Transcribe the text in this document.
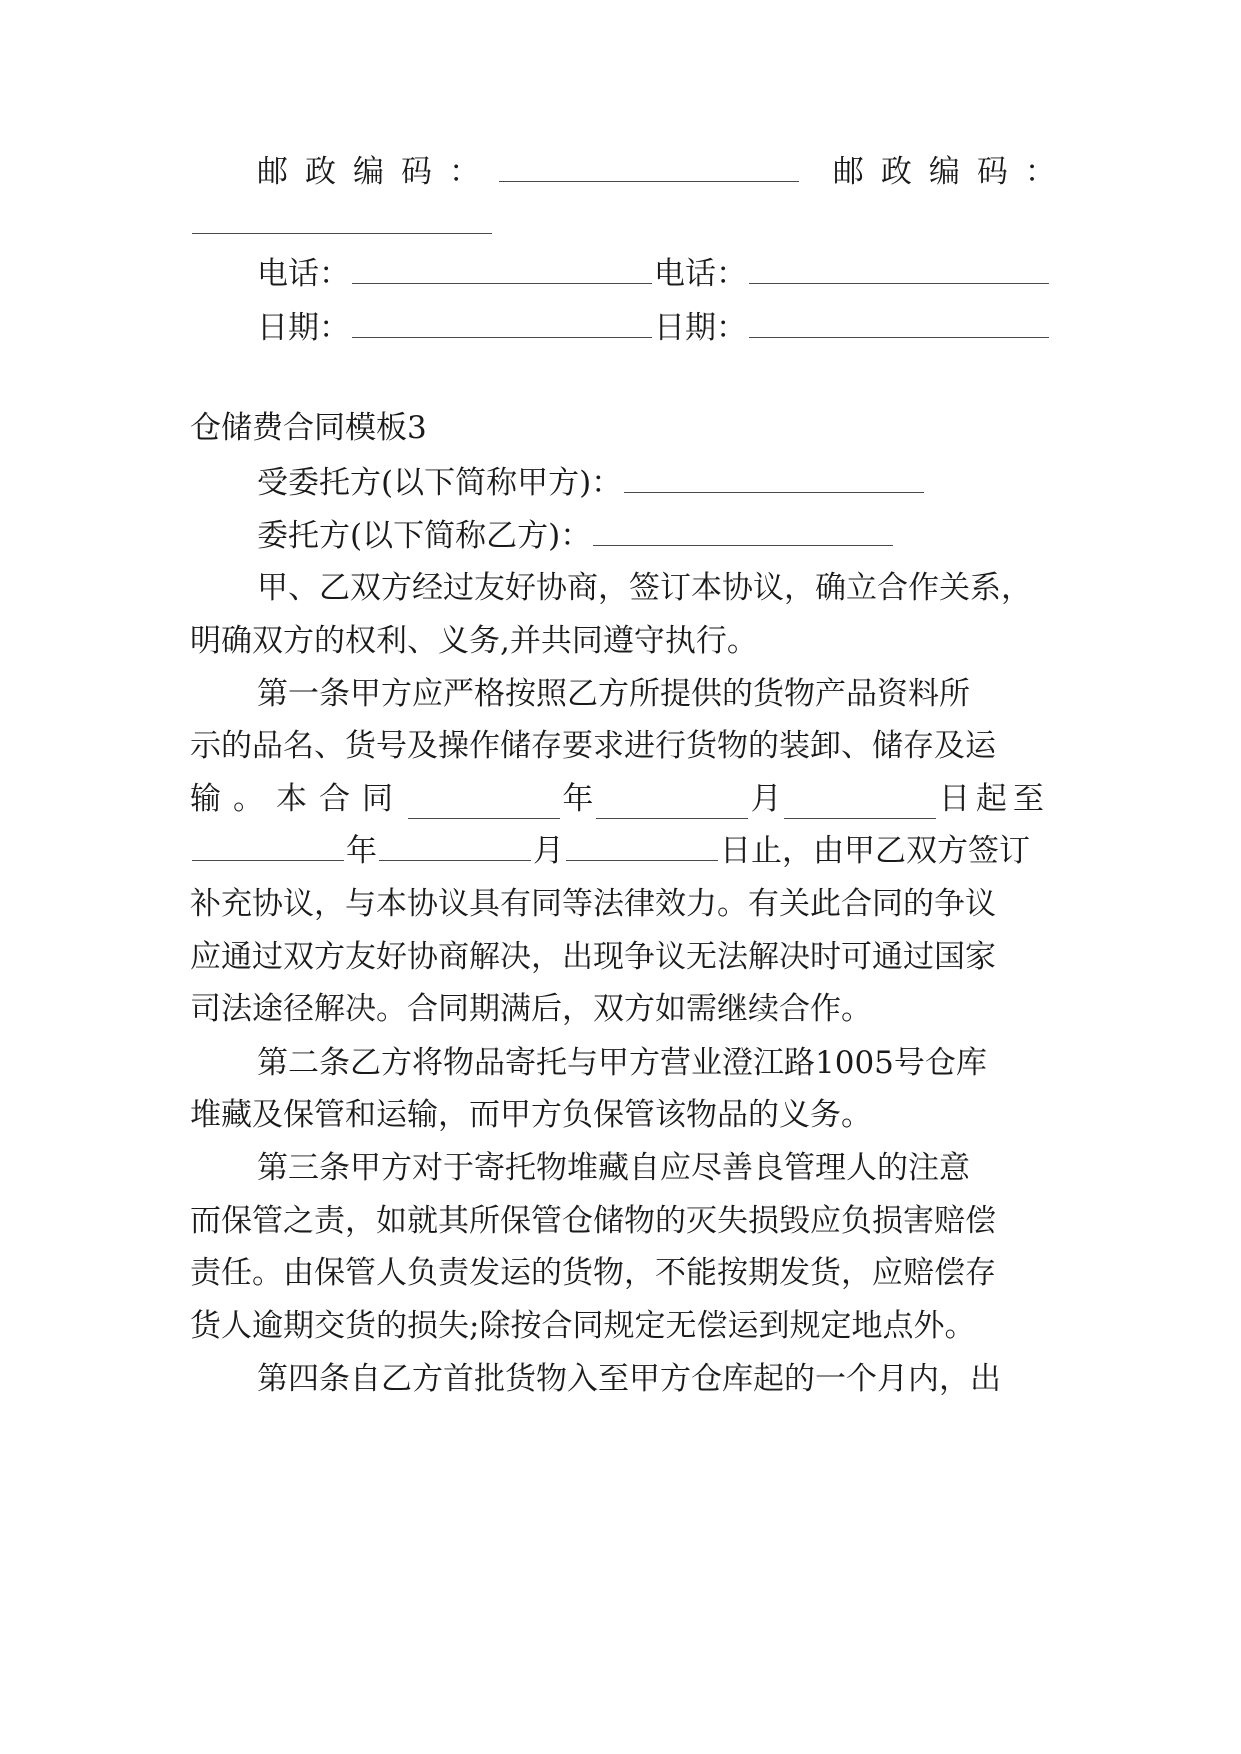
邮政编码：	邮政编码：
电话：	电话：
日期：	日期：
仓储费合同模板3
受委托方(以下简称甲方)：
委托方(以下简称乙方)：
甲、乙双方经过友好协商，签订本协议，确立合作关系，
明确双方的权利、义务,并共同遵守执行。
第一条甲方应严格按照乙方所提供的货物产品资料所
示的品名、货号及操作储存要求进行货物的装卸、储存及运
输。本合同	年	月	日起至
年	月	日止，由甲乙双方签订
补充协议，与本协议具有同等法律效力。有关此合同的争议
应通过双方友好协商解决，出现争议无法解决时可通过国家
司法途径解决。合同期满后，双方如需继续合作。
第二条乙方将物品寄托与甲方营业澄江路1005号仓库
堆藏及保管和运输，而甲方负保管该物品的义务。
第三条甲方对于寄托物堆藏自应尽善良管理人的注意
而保管之责，如就其所保管仓储物的灭失损毁应负损害赔偿
责任。由保管人负责发运的货物，不能按期发货，应赔偿存
货人逾期交货的损失;除按合同规定无偿运到规定地点外。
第四条自乙方首批货物入至甲方仓库起的一个月内，出
